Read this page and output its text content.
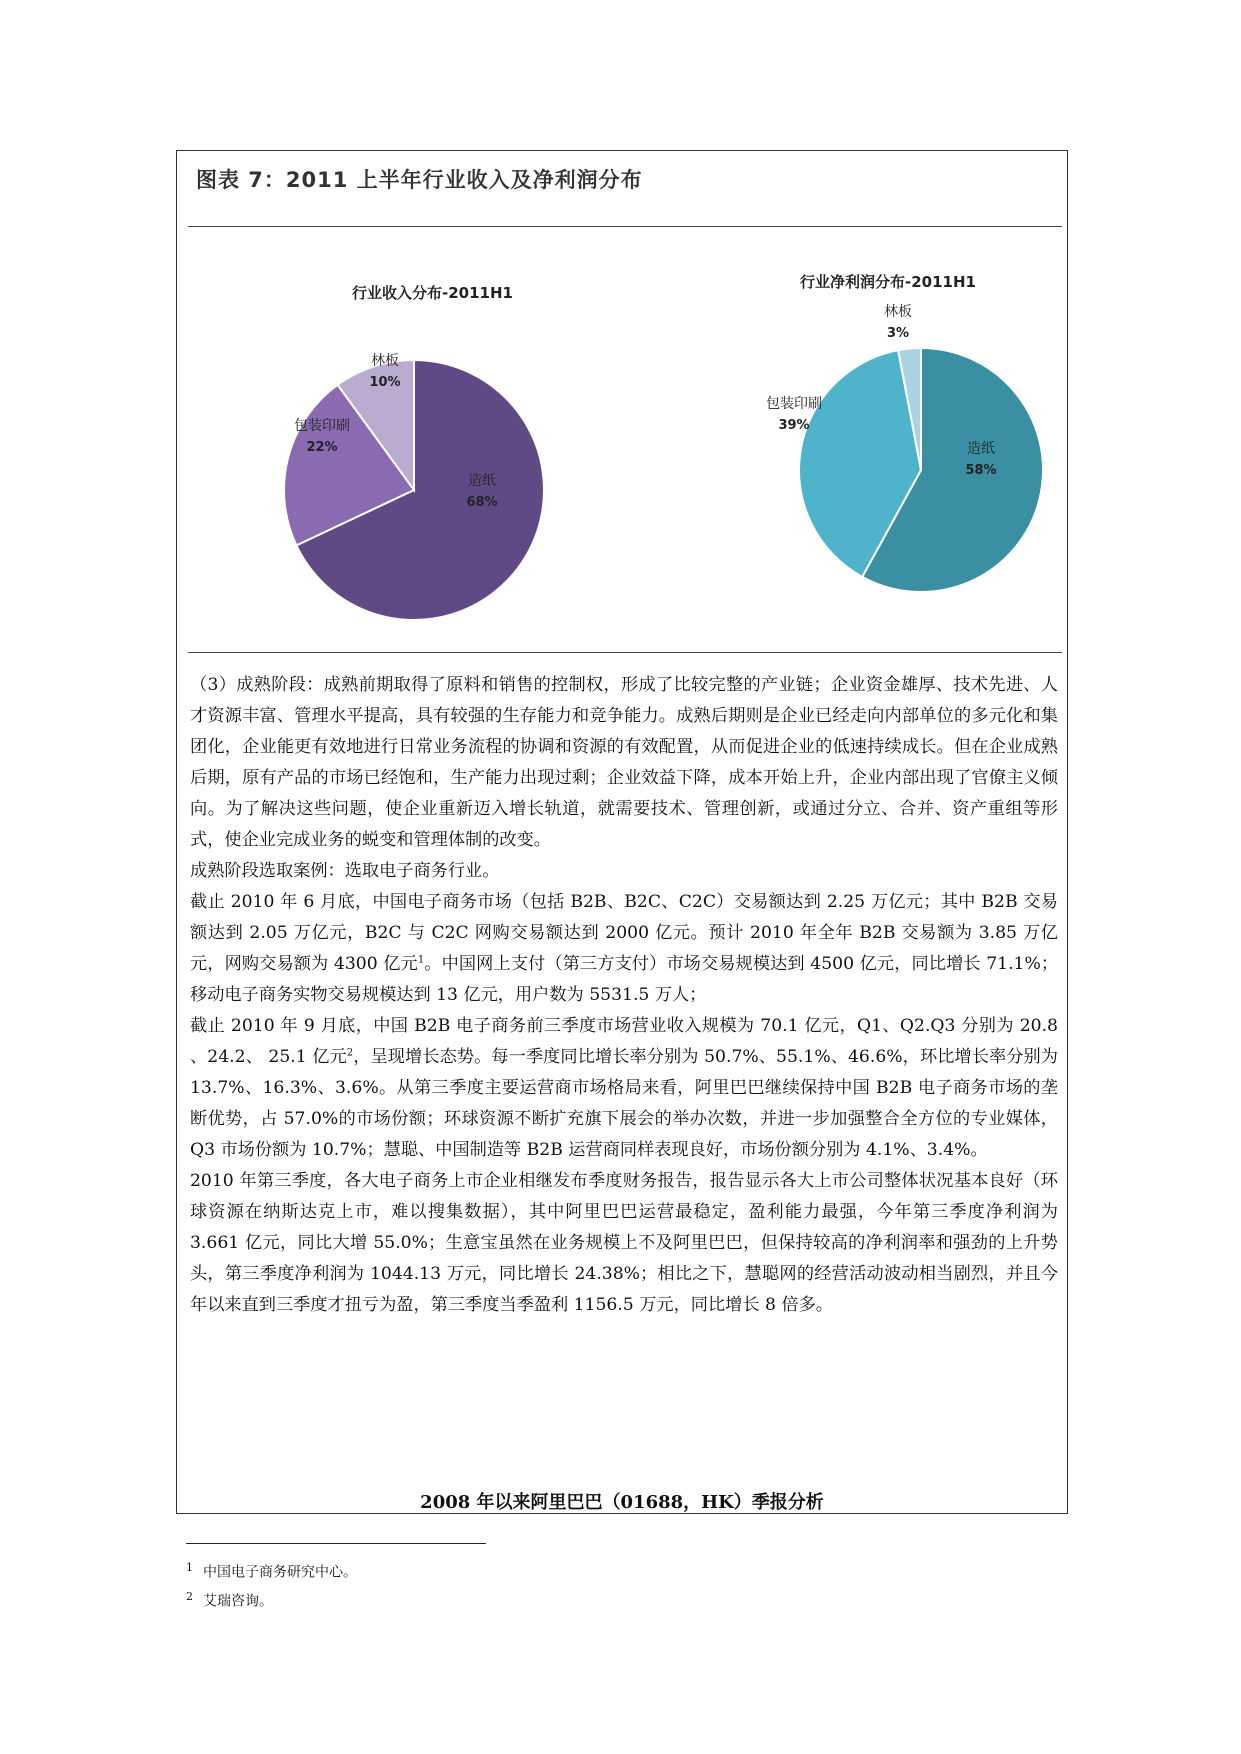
图表 7：2011 上半年行业收入及净利润分布
行业收入分布-2011H1
造纸
68%
包装印刷
22%
林板
10%
行业净利润分布-2011H1
造纸
58%
包装印刷
39%
林板
3%

（3）成熟阶段：成熟前期取得了原料和销售的控制权，形成了比较完整的产业链；企业资金雄厚、技术先进、人才资源丰富、管理水平提高，具有较强的生存能力和竞争能力。成熟后期则是企业已经走向内部单位的多元化和集团化，企业能更有效地进行日常业务流程的协调和资源的有效配置，从而促进企业的低速持续成长。但在企业成熟后期，原有产品的市场已经饱和，生产能力出现过剩；企业效益下降，成本开始上升，企业内部出现了官僚主义倾向。为了解决这些问题，使企业重新迈入增长轨道，就需要技术、管理创新，或通过分立、合并、资产重组等形式，使企业完成业务的蜕变和管理体制的改变。

成熟阶段选取案例：选取电子商务行业。

截止 2010 年 6 月底，中国电子商务市场（包括 B2B、B2C、C2C）交易额达到 2.25 万亿元；其中 B2B 交易额达到 2.05 万亿元，B2C 与 C2C 网购交易额达到 2000 亿元。预计 2010 年全年 B2B 交易额为 3.85 万亿元，网购交易额为 4300 亿元$^1$。中国网上支付（第三方支付）市场交易规模达到 4500 亿元，同比增长 71.1%；移动电子商务实物交易规模达到 13 亿元，用户数为 5531.5 万人；

截止 2010 年 9 月底，中国 B2B 电子商务前三季度市场营业收入规模为 70.1 亿元，Q1、Q2.Q3 分别为 20.8 、24.2、 25.1 亿元$^2$，呈现增长态势。每一季度同比增长率分别为 50.7%、55.1%、46.6%，环比增长率分别为 13.7%、16.3%、3.6%。从第三季度主要运营商市场格局来看，阿里巴巴继续保持中国 B2B 电子商务市场的垄断优势，占 57.0%的市场份额；环球资源不断扩充旗下展会的举办次数，并进一步加强整合全方位的专业媒体，Q3 市场份额为 10.7%；慧聪、中国制造等 B2B 运营商同样表现良好，市场份额分别为 4.1%、3.4%。

2010 年第三季度，各大电子商务上市企业相继发布季度财务报告，报告显示各大上市公司整体状况基本良好（环球资源在纳斯达克上市，难以搜集数据），其中阿里巴巴运营最稳定，盈利能力最强，今年第三季度净利润为 3.661 亿元，同比大增 55.0%；生意宝虽然在业务规模上不及阿里巴巴，但保持较高的净利润率和强劲的上升势头，第三季度净利润为 1044.13 万元，同比增长 24.38%；相比之下，慧聪网的经营活动波动相当剧烈，并且今年以来直到三季度才扭亏为盈，第三季度当季盈利 1156.5 万元，同比增长 8 倍多。

2008 年以来阿里巴巴（01688，HK）季报分析
$^1$ 中国电子商务研究中心。
$^2$ 艾瑞咨询。
